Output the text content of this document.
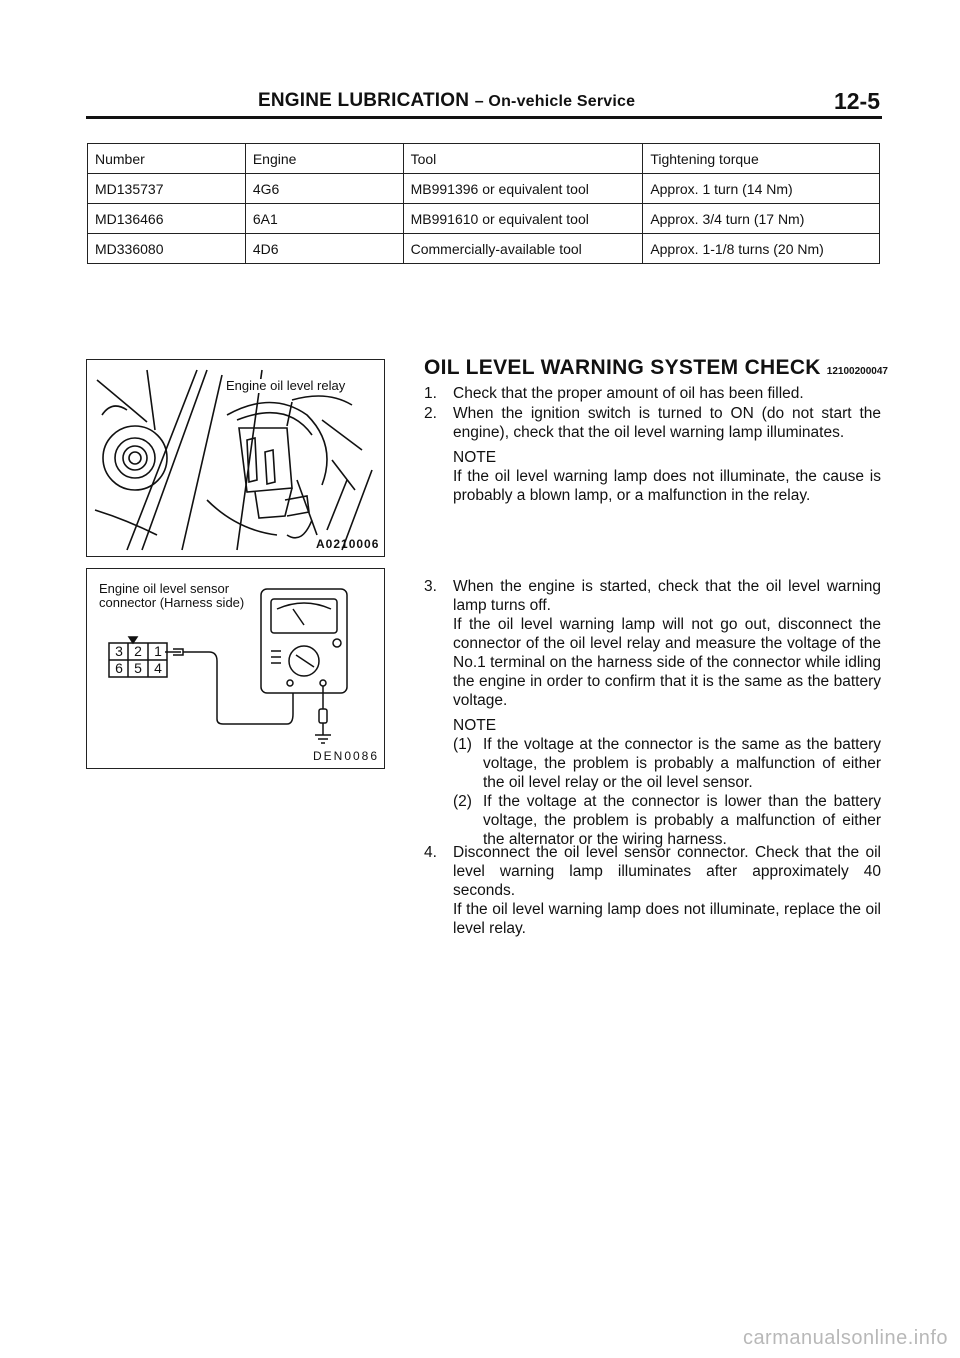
ENGINE LUBRICATION – On-vehicle Service	12-5
Number	Engine	Tool	Tightening torque
MD135737	4G6	MB991396 or equivalent tool	Approx. 1 turn (14 Nm)
MD136466	6A1	MB991610 or equivalent tool	Approx. 3/4 turn (17 Nm)
MD336080	4D6	Commercially-available tool	Approx. 1-1/8 turns (20 Nm)
Engine oil level relay
A0210006
Engine oil level sensor
connector (Harness side)
3 2 1
6 5 4
DEN0086
OIL LEVEL WARNING SYSTEM CHECK 12100200047
1. Check that the proper amount of oil has been filled.
2. When the ignition switch is turned to ON (do not start the engine), check that the oil level warning lamp illuminates.
NOTE
If the oil level warning lamp does not illuminate, the cause is probably a blown lamp, or a malfunction in the relay.
3. When the engine is started, check that the oil level warning lamp turns off.
If the oil level warning lamp will not go out, disconnect the connector of the oil level relay and measure the voltage of the No.1 terminal on the harness side of the connector while idling the engine in order to confirm that it is the same as the battery voltage.
NOTE
(1) If the voltage at the connector is the same as the battery voltage, the problem is probably a malfunction of either the oil level relay or the oil level sensor.
(2) If the voltage at the connector is lower than the battery voltage, the problem is probably a malfunction of either the alternator or the wiring harness.
4. Disconnect the oil level sensor connector. Check that the oil level warning lamp illuminates after approximately 40 seconds.
If the oil level warning lamp does not illuminate, replace the oil level relay.
carmanualsonline.info
